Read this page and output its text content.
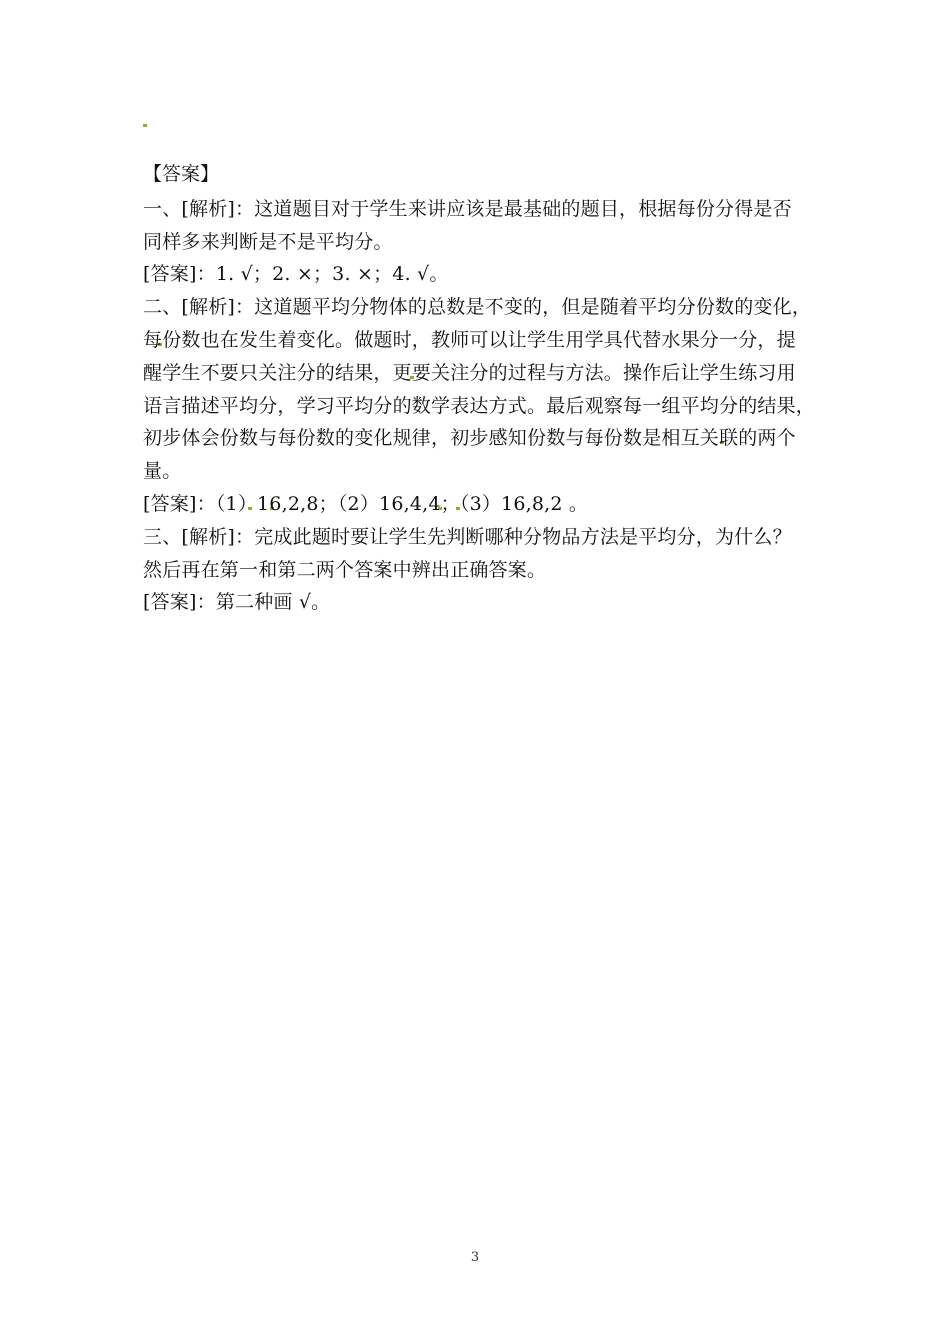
【答案】
一、[解析]：这道题目对于学生来讲应该是最基础的题目，根据每份分得是否
同样多来判断是不是平均分。
[答案]：1. √；2. ×；3. ×；4. √。
二、[解析]：这道题平均分物体的总数是不变的，但是随着平均分份数的变化，
每份数也在发生着变化。做题时，教师可以让学生用学具代替水果分一分，提
醒学生不要只关注分的结果，更要关注分的过程与方法。操作后让学生练习用
语言描述平均分，学习平均分的数学表达方式。最后观察每一组平均分的结果，
初步体会份数与每份数的变化规律，初步感知份数与每份数是相互关联的两个
量。
[答案]：（1）16,2,8；（2）16,4,4；（3）16,8,2 。
三、[解析]：完成此题时要让学生先判断哪种分物品方法是平均分，为什么？
然后再在第一和第二两个答案中辨出正确答案。
[答案]：第二种画 √。
3
